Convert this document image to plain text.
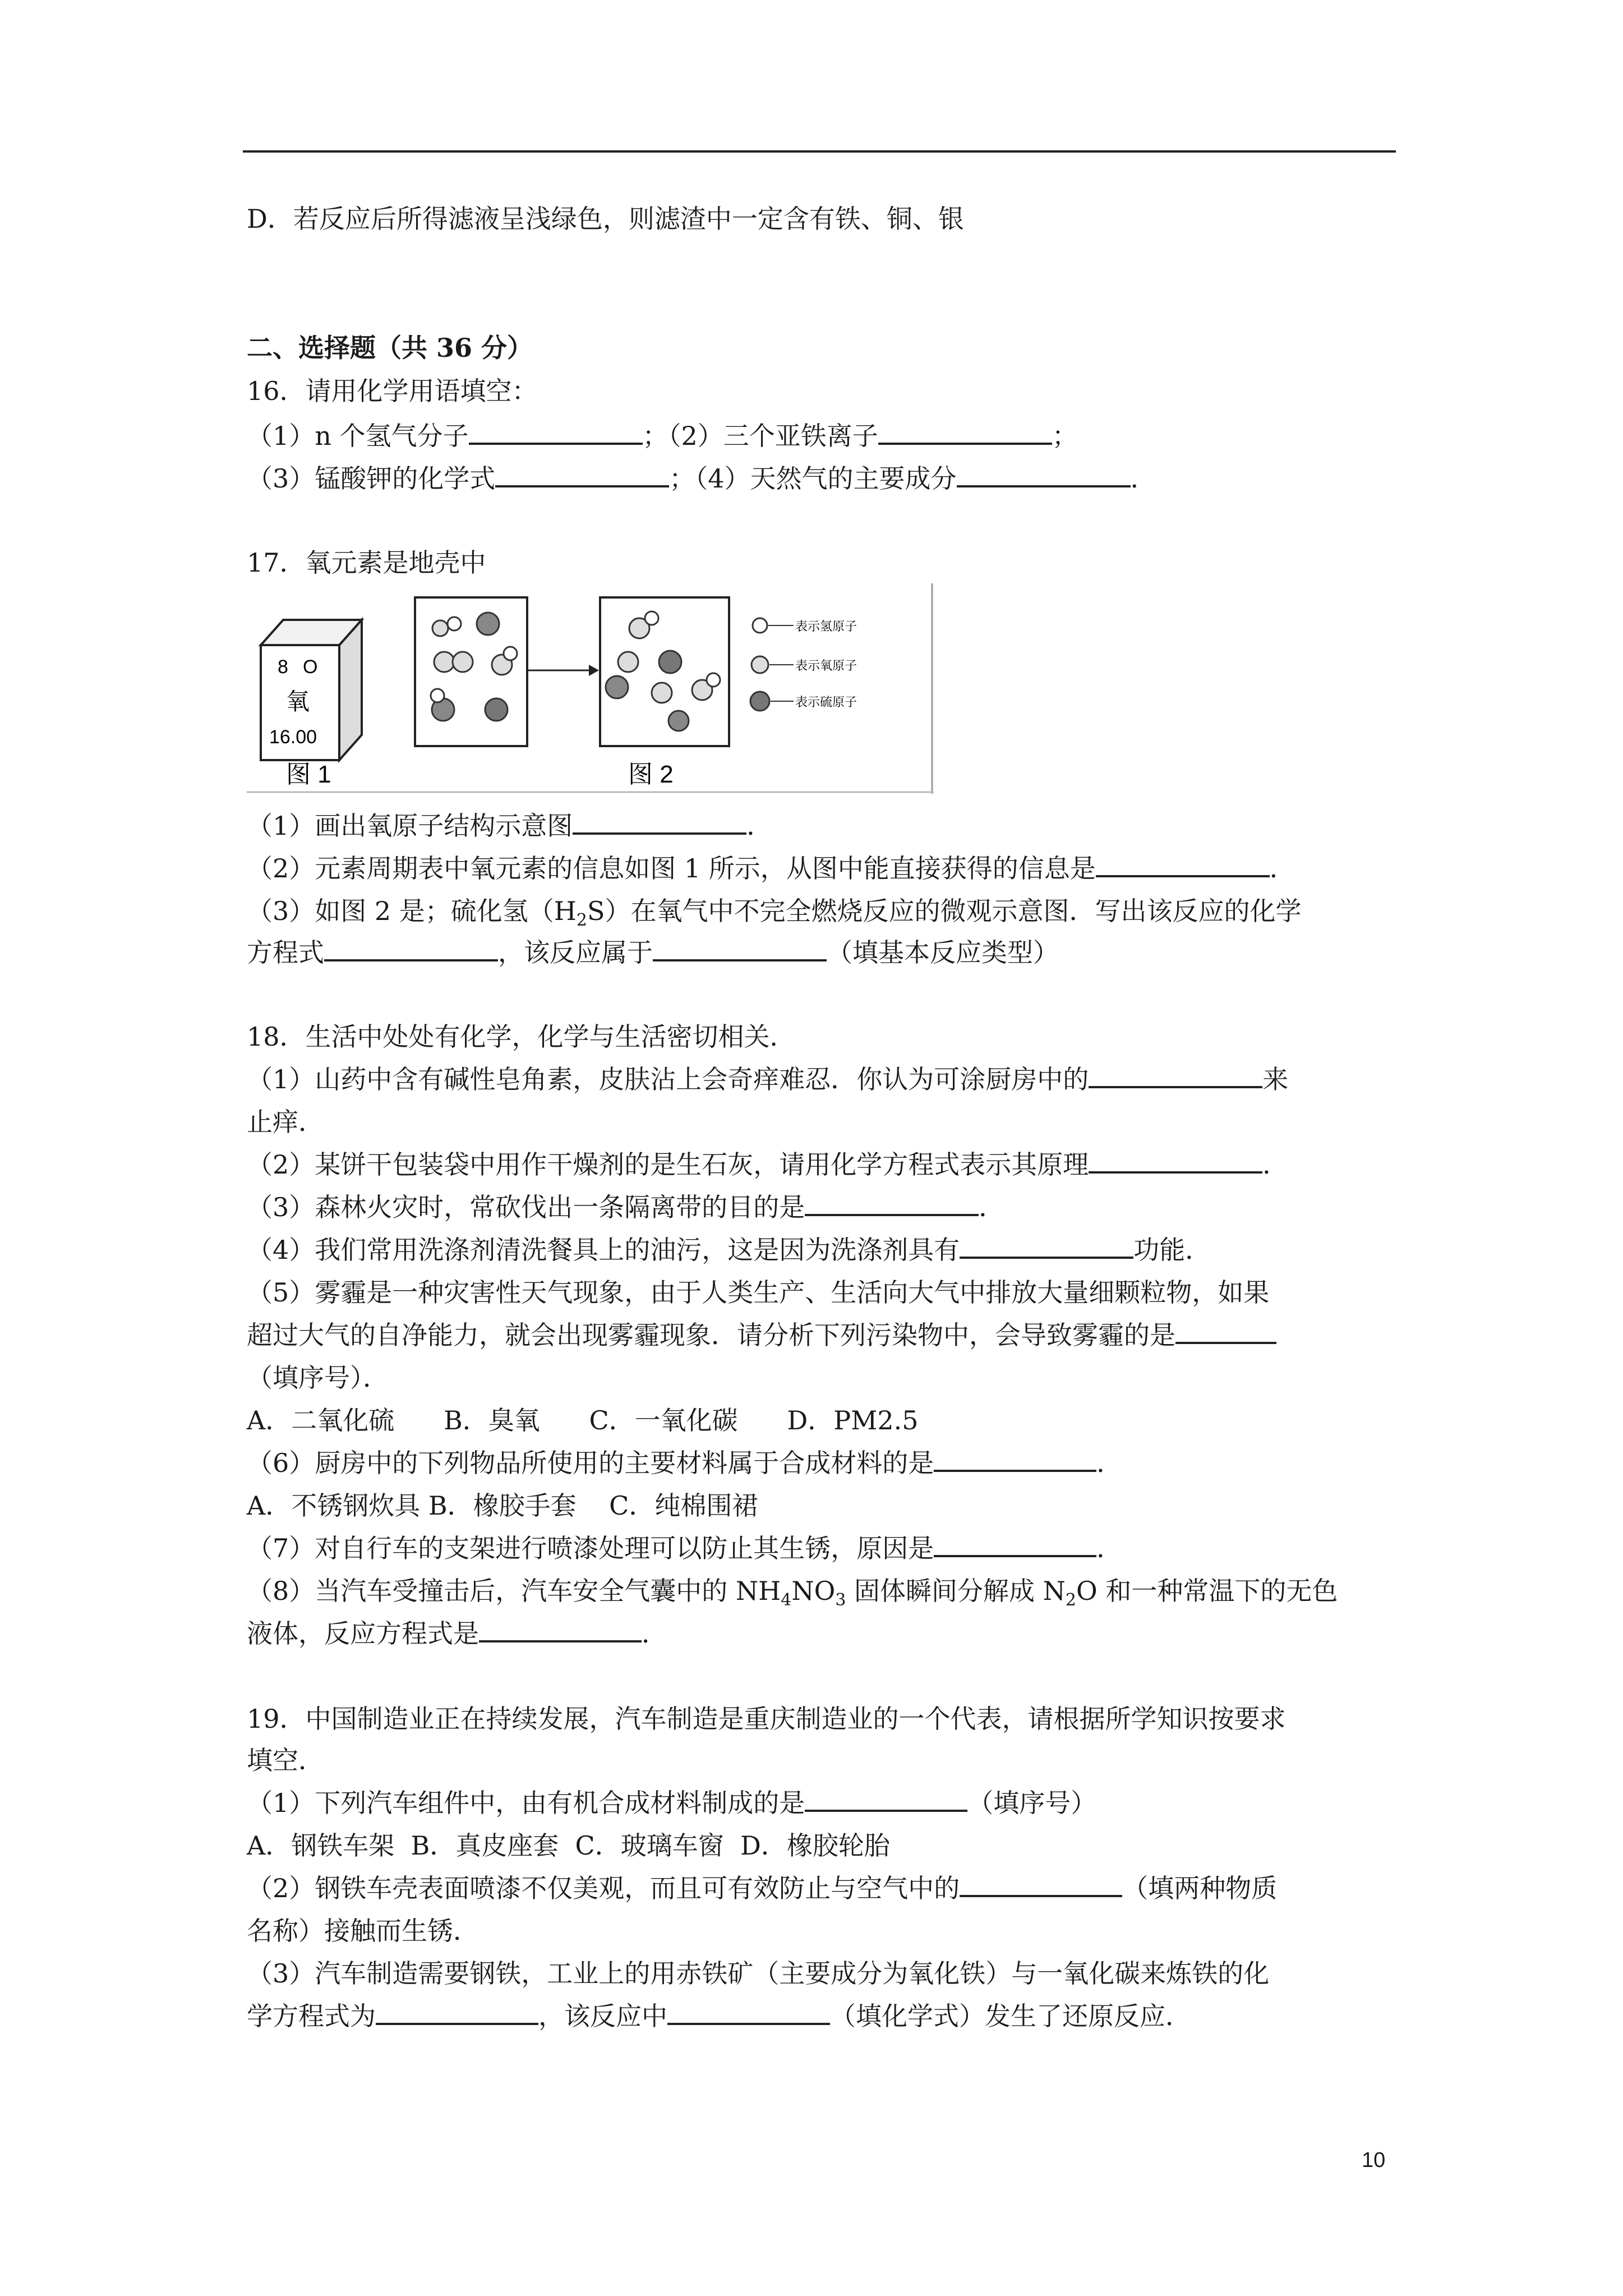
D．若反应后所得滤液呈浅绿色，则滤渣中一定含有铁、铜、银
二、选择题（共 36 分）
16．请用化学用语填空：
（1）n 个氢气分子	；（2）三个亚铁离子	；
（3）锰酸钾的化学式	；（4）天然气的主要成分	．
17．氧元素是地壳中
8 O
氧
16.00
表示氢原子
表示氧原子
表示硫原子
图 1	图 2
（1）画出氧原子结构示意图	．
（2）元素周期表中氧元素的信息如图 1 所示，从图中能直接获得的信息是	．
（3）如图 2 是；硫化氢$(H_2S)$在氧气中不完全燃烧反应的微观示意图．写出该反应的化学
方程式	，该反应属于	（填基本反应类型）
18．生活中处处有化学，化学与生活密切相关．
（1）山药中含有碱性皂角素，皮肤沾上会奇痒难忍．你认为可涂厨房中的	来
止痒．
（2）某饼干包装袋中用作干燥剂的是生石灰，请用化学方程式表示其原理	．
（3）森林火灾时，常砍伐出一条隔离带的目的是	．
（4）我们常用洗涤剂清洗餐具上的油污，这是因为洗涤剂具有	功能．
（5）雾霾是一种灾害性天气现象，由于人类生产、生活向大气中排放大量细颗粒物，如果
超过大气的自净能力，就会出现雾霾现象．请分析下列污染物中，会导致雾霾的是
（填序号）．
A．二氧化硫      B．臭氧      C．一氧化碳      D．PM2.5
（6）厨房中的下列物品所使用的主要材料属于合成材料的是	．
A．不锈钢炊具 B．橡胶手套    C．纯棉围裙
（7）对自行车的支架进行喷漆处理可以防止其生锈，原因是	．
（8）当汽车受撞击后，汽车安全气囊中的 $NH_4NO_3$ 固体瞬间分解成 $N_2O$ 和一种常温下的无色
液体，反应方程式是	．
19．中国制造业正在持续发展，汽车制造是重庆制造业的一个代表，请根据所学知识按要求
填空．
（1）下列汽车组件中，由有机合成材料制成的是	（填序号）
A．钢铁车架  B．真皮座套  C．玻璃车窗  D．橡胶轮胎
（2）钢铁车壳表面喷漆不仅美观，而且可有效防止与空气中的	（填两种物质
名称）接触而生锈．
（3）汽车制造需要钢铁，工业上的用赤铁矿（主要成分为氧化铁）与一氧化碳来炼铁的化
学方程式为	，该反应中	（填化学式）发生了还原反应．
10
